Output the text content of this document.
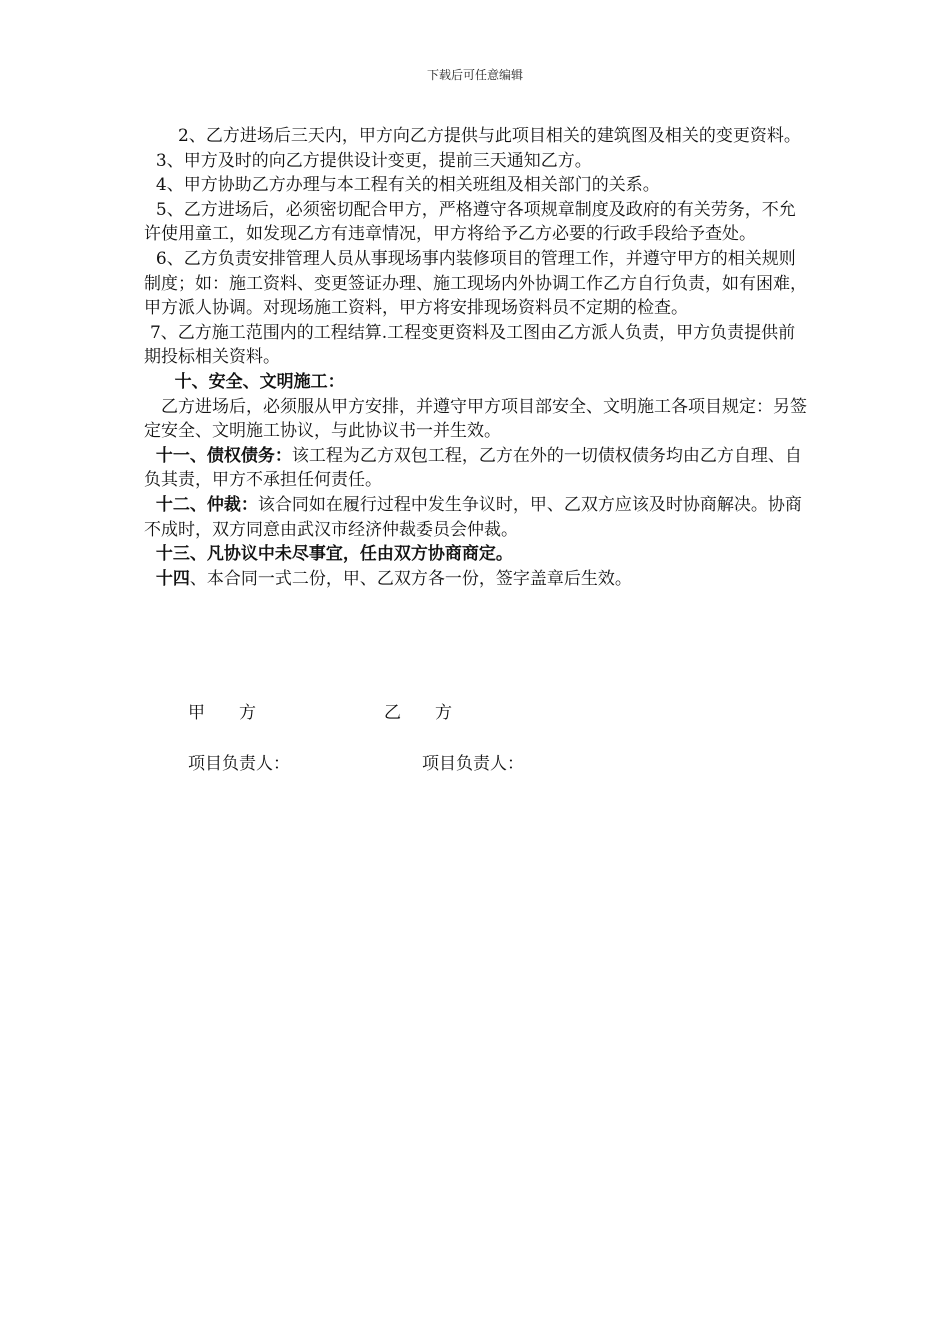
下载后可任意编辑

2、乙方进场后三天内，甲方向乙方提供与此项目相关的建筑图及相关的变更资料。

3、甲方及时的向乙方提供设计变更，提前三天通知乙方。

4、甲方协助乙方办理与本工程有关的相关班组及相关部门的关系。

5、乙方进场后，必须密切配合甲方，严格遵守各项规章制度及政府的有关劳务，不允许使用童工，如发现乙方有违章情况，甲方将给予乙方必要的行政手段给予查处。

6、乙方负责安排管理人员从事现场事内装修项目的管理工作，并遵守甲方的相关规则制度；如：施工资料、变更签证办理、施工现场内外协调工作乙方自行负责，如有困难，甲方派人协调。对现场施工资料，甲方将安排现场资料员不定期的检查。

7、乙方施工范围内的工程结算.工程变更资料及工图由乙方派人负责，甲方负责提供前期投标相关资料。

十、安全、文明施工：

乙方进场后，必须服从甲方安排，并遵守甲方项目部安全、文明施工各项目规定：另签定安全、文明施工协议，与此协议书一并生效。

十一、债权债务：该工程为乙方双包工程，乙方在外的一切债权债务均由乙方自理、自负其责，甲方不承担任何责任。

十二、仲裁：该合同如在履行过程中发生争议时，甲、乙双方应该及时协商解决。协商不成时，双方同意由武汉市经济仲裁委员会仲裁。

十三、凡协议中未尽事宜，任由双方协商商定。

十四、本合同一式二份，甲、乙双方各一份，签字盖章后生效。

甲　　方	乙　　方
项目负责人：	项目负责人：
